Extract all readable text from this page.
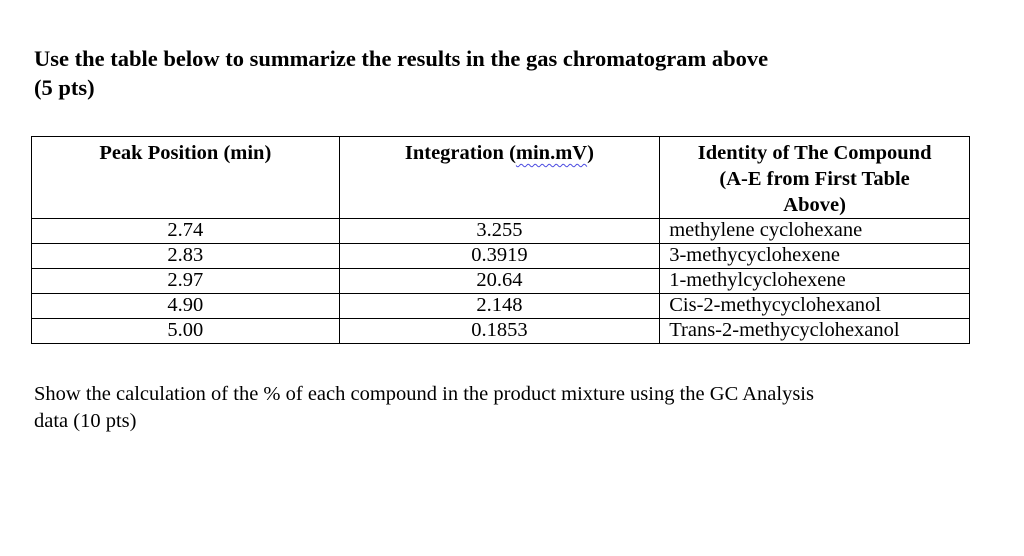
Use the table below to summarize the results in the gas chromatogram above
(5 pts)

Peak Position (min)	Integration (min.mV)	Identity of The Compound
(A-E from First Table
Above)
2.74	3.255	methylene cyclohexane
2.83	0.3919	3-methycyclohexene
2.97	20.64	1-methylcyclohexene
4.90	2.148	Cis-2-methycyclohexanol
5.00	0.1853	Trans-2-methycyclohexanol

Show the calculation of the % of each compound in the product mixture using the GC Analysis
data (10 pts)
